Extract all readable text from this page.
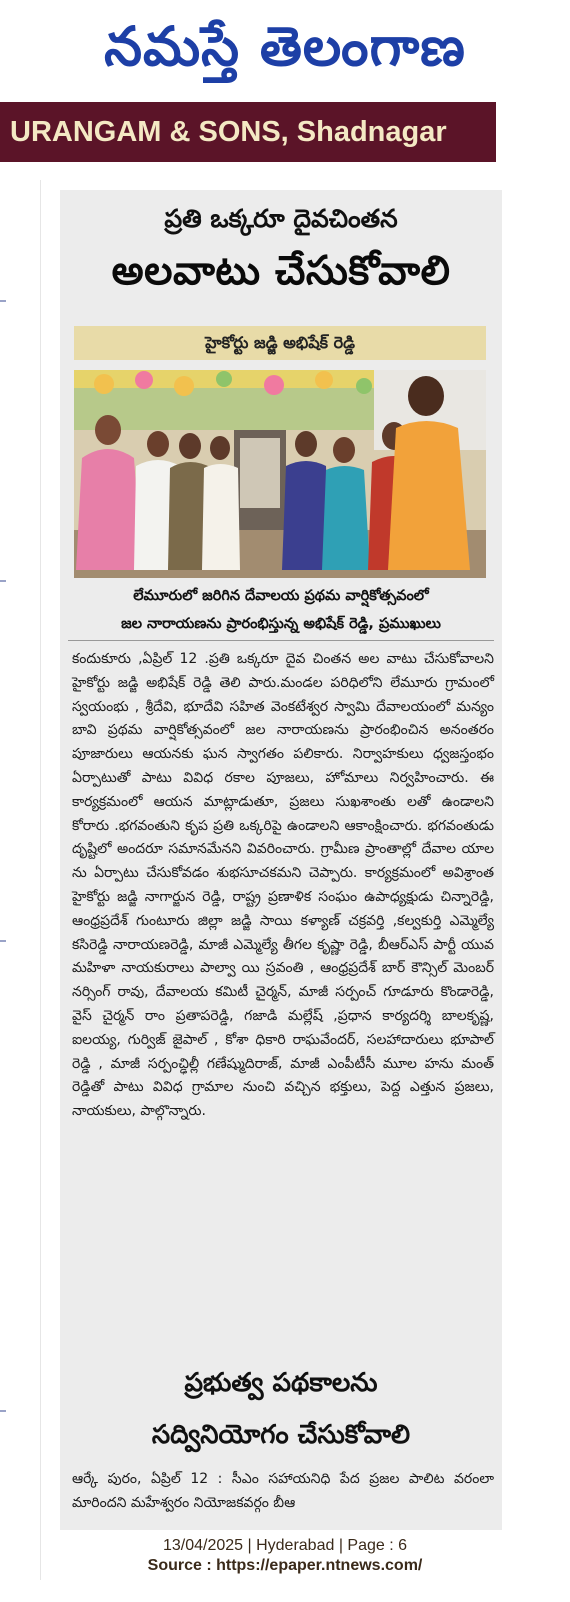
నమస్తే తెలంగాణ
URANGAM & SONS, Shadnagar
ప్రతి ఒక్కరూ దైవచింతన
అలవాటు చేసుకోవాలి
హైకోర్టు జడ్జి అభిషేక్ రెడ్డి
లేమూరులో జరిగిన దేవాలయ ప్రథమ వార్షికోత్సవంలో
జల నారాయణను ప్రారంభిస్తున్న అభిషేక్ రెడ్డి, ప్రముఖులు
కందుకూరు ,ఏప్రిల్ 12 .ప్రతి ఒక్కరూ దైవ చింతన అల వాటు చేసుకోవాలని హైకోర్టు జడ్జి అభిషేక్ రెడ్డి తెలి పారు.మండల పరిధిలోని లేమూరు గ్రామంలో స్వయంభు , శ్రీదేవి, భూదేవి సహిత వెంకటేశ్వర స్వామి దేవాలయంలో మన్యం బావి ప్రథమ వార్షికోత్సవంలో జల నారాయణను ప్రారంభించిన అనంతరం పూజారులు ఆయనకు ఘన స్వాగతం పలికారు. నిర్వాహకులు ధ్వజస్తంభం ఏర్పాటుతో పాటు వివిధ రకాల పూజలు, హోమాలు నిర్వహించారు. ఈ కార్యక్రమంలో ఆయన మాట్లాడుతూ, ప్రజలు సుఖశాంతు లతో ఉండాలని కోరారు .భగవంతుని కృప ప్రతి ఒక్కరిపై ఉండాలని ఆకాంక్షించారు. భగవంతుడు దృష్టిలో అందరూ సమానమేనని వివరించారు. గ్రామీణ ప్రాంతాల్లో దేవాల యాల ను ఏర్పాటు చేసుకోవడం శుభసూచకమని చెప్పారు. కార్యక్రమంలో అవిశ్రాంత హైకోర్టు జడ్జి నాగార్జున రెడ్డి, రాష్ట్ర ప్రణాళిక సంఘం ఉపాధ్యక్షుడు చిన్నారెడ్డి, ఆంధ్రప్రదేశ్ గుంటూరు జిల్లా జడ్జి సాయి కళ్యాణ్ చక్రవర్తి ,కల్వకుర్తి ఎమ్మెల్యే కసిరెడ్డి నారాయణరెడ్డి, మాజీ ఎమ్మెల్యే తీగల కృష్ణా రెడ్డి, బీఆర్ఎస్ పార్టీ యువ మహిళా నాయకురాలు పాల్వా యి స్రవంతి , ఆంధ్రప్రదేశ్ బార్ కౌన్సిల్ మెంబర్ నర్సింగ్ రావు, దేవాలయ కమిటీ చైర్మన్, మాజీ సర్పంచ్ గూడూరు కొండారెడ్డి, వైస్ చైర్మన్ రాం ప్రతాపరెడ్డి, గజాడి మల్లేష్ ,ప్రధాన కార్యదర్శి బాలకృష్ణ, ఐలయ్య, గుర్విజ్ జైపాల్ , కోశా ధికారి రాఘవేందర్, సలహాదారులు భూపాల్ రెడ్డి , మాజీ సర్పంచ్ఢిల్లీ గణేష్ముదిరాజ్, మాజీ ఎంపీటీసీ మూల హను మంత్ రెడ్డితో పాటు వివిధ గ్రామాల నుంచి వచ్చిన భక్తులు, పెద్ద ఎత్తున ప్రజలు, నాయకులు, పాల్గొన్నారు.
ప్రభుత్వ పథకాలను
సద్వినియోగం చేసుకోవాలి
ఆర్కే పురం, ఏప్రిల్ 12 : సీఎం సహాయనిధి పేద ప్రజల పాలిట వరంలా మారిందని మహేశ్వరం నియోజకవర్గం బీఆ
13/04/2025 | Hyderabad | Page : 6
Source : https://epaper.ntnews.com/
